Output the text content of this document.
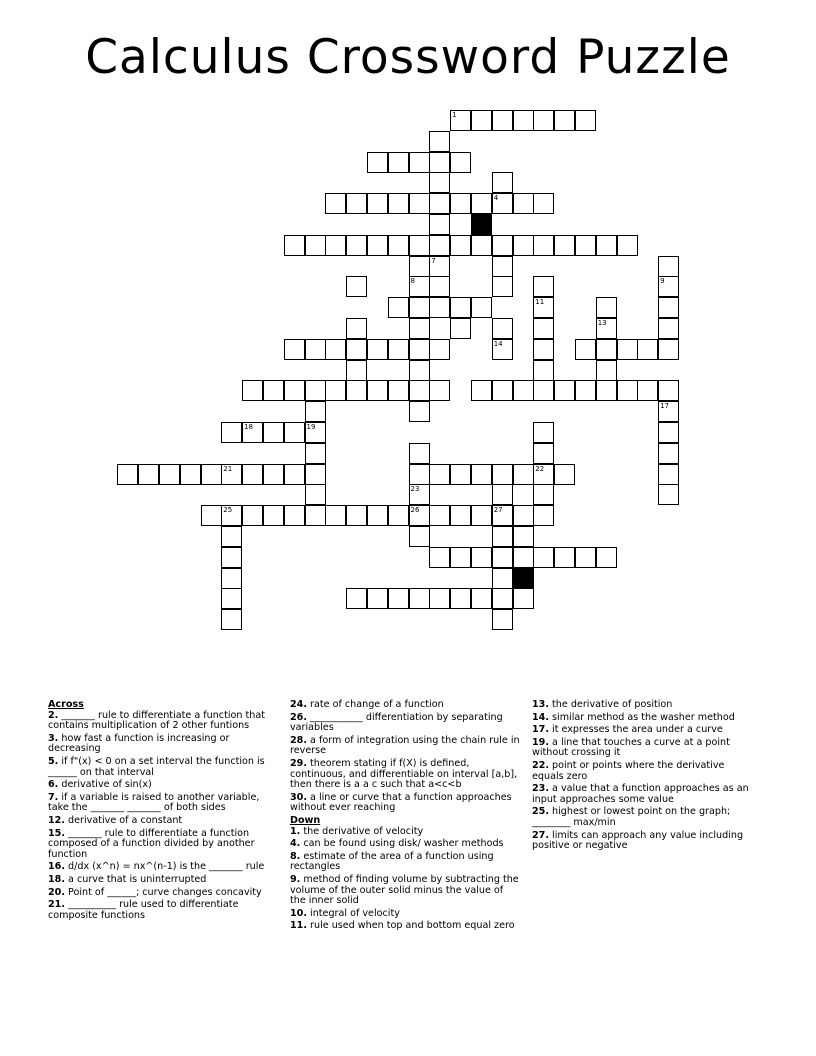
Calculus Crossword Puzzle
1
4
7
8	9
11
13
14
17
18	19
21	22
23
25	26	27
Across
2. _______ rule to differentiate a function that contains multiplication of 2 other funtions
3. how fast a function is increasing or decreasing
5. if f"(x) < 0 on a set interval the function is ______ on that interval
6. derivative of sin(x)
7. if a variable is raised to another variable, take the _______ _______ of both sides
12. derivative of a constant
15. _______ rule to differentiate a function composed of a function divided by another function
16. d/dx (x^n) = nx^(n-1) is the _______ rule
18. a curve that is uninterrupted
20. Point of ______; curve changes concavity
21. __________ rule used to differentiate composite functions
24. rate of change of a function
26. ___________ differentiation by separating variables
28. a form of integration using the chain rule in reverse
29. theorem stating if f(X) is defined, continuous, and differentiable on interval [a,b], then there is a a c such that a<c<b
30. a line or curve that a function approaches without ever reaching
Down
1. the derivative of velocity
4. can be found using disk/ washer methods
8. estimate of the area of a function using rectangles
9. method of finding volume by subtracting the volume of the outer solid minus the value of the inner solid
10. integral of velocity
11. rule used when top and bottom equal zero
13. the derivative of position
14. similar method as the washer method
17. it expresses the area under a curve
19. a line that touches a curve at a point without crossing it
22. point or points where the derivative equals zero
23. a value that a function approaches as an input approaches some value
25. highest or lowest point on the graph; ________ max/min
27. limits can approach any value including positive or negative
